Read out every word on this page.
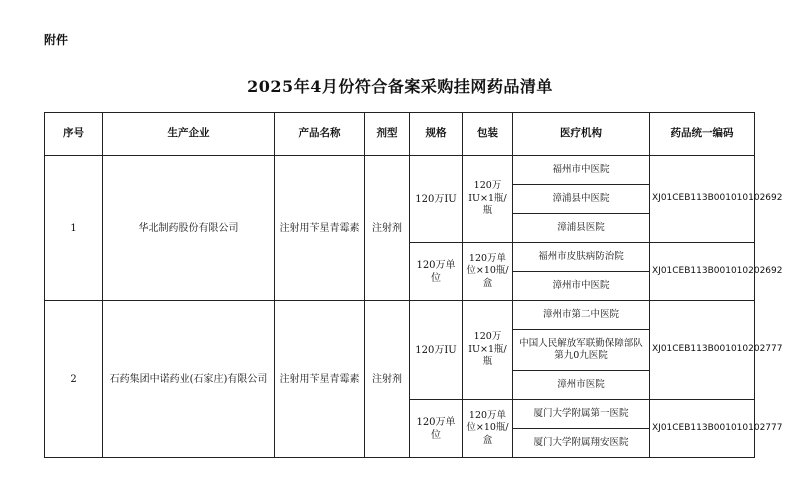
附件
2025年4月份符合备案采购挂网药品清单
序号	生产企业	产品名称	剂型	规格	包装	医疗机构	药品统一编码
1	华北制药股份有限公司	注射用苄星青霉素	注射剂	120万IU	120万IU×1瓶/瓶	福州市中医院	XJ01CEB113B001010102692
						漳浦县中医院	
						漳浦县医院	
				120万单位	120万单位×10瓶/盒	福州市皮肤病防治院	XJ01CEB113B001010202692
						漳州市中医院	
2	石药集团中诺药业(石家庄)有限公司	注射用苄星青霉素	注射剂	120万IU	120万IU×1瓶/瓶	漳州市第二中医院	XJ01CEB113B001010202777
						中国人民解放军联勤保障部队第九0九医院	
						漳州市医院	
				120万单位	120万单位×10瓶/盒	厦门大学附属第一医院	XJ01CEB113B001010102777
						厦门大学附属翔安医院	
